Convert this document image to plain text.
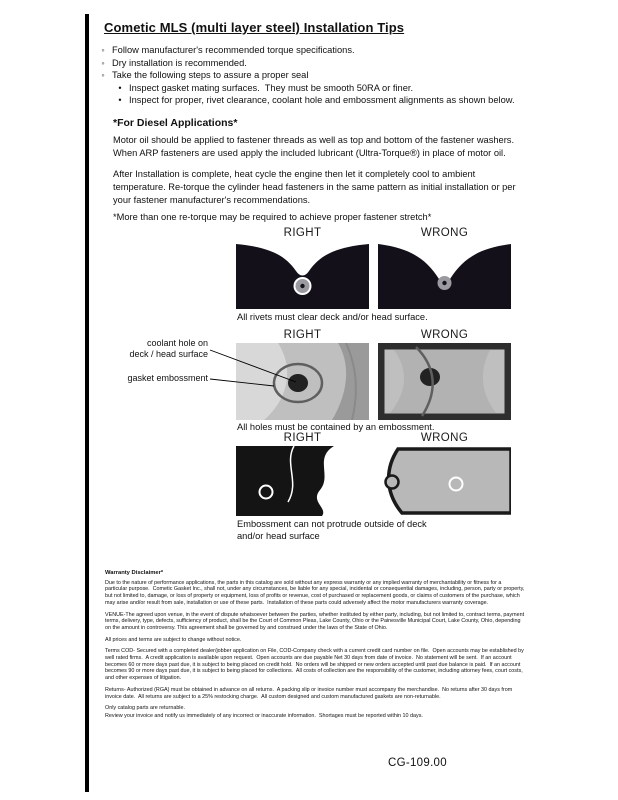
Cometic MLS (multi layer steel) Installation Tips
◦ Follow manufacturer's recommended torque specifications.
◦ Dry installation is recommended.
◦ Take the following steps to assure a proper seal
• Inspect gasket mating surfaces.  They must be smooth 50RA or finer.
• Inspect for proper, rivet clearance, coolant hole and embossment alignments as shown below.
*For Diesel Applications*
Motor oil should be applied to fastener threads as well as top and bottom of the fastener washers. When ARP fasteners are used apply the included lubricant (Ultra-Torque®) in place of motor oil.
After Installation is complete, heat cycle the engine then let it completely cool to ambient temperature. Re-torque the cylinder head fasteners in the same pattern as initial installation or per your fastener manufacturer's recommendations.
*More than one re-torque may be required to achieve proper fastener stretch*
RIGHT	WRONG
All rivets must clear deck and/or head surface.
RIGHT	WRONG
coolant hole on deck / head surface
gasket embossment
All holes must be contained by an embossment.
RIGHT	WRONG
Embossment can not protrude outside of deck and/or head surface
Warranty Disclaimer*

Due to the nature of performance applications, the parts in this catalog are sold without any express warranty or any implied warranty of merchantability or fitness for a particular purpose.  Cometic Gasket Inc., shall not, under any circumstances, be liable for any special, incidental or consequential damages, including, person, party or property, but not limited to, damage, or loss of property or equipment, loss of profits or revenue, cost of purchased or replacement goods, or claims of customers of the purchase, which may arise and/or result from sale, installation or use of these parts.  Installation of these parts could adversely affect the motor manufacturers warranty coverage.

VENUE-The agreed upon venue, in the event of dispute whatsoever between the parties, whether instituted by either party, including, but not limited to, contract terms, payment terms, delivery, type, defects, sufficiency of product, shall be the Court of Common Pleas, Lake County, Ohio or the Painesville Municipal Court, Lake County, Ohio, depending on the amount in controversy. This agreement shall be governed by and construed under the laws of the State of Ohio.

All prices and terms are subject to change without notice.

Terms COD- Secured with a completed dealer/jobber application on File, COD-Company check with a current credit card number on file.  Open accounts may be established by well rated firms.  A credit application is available upon request.  Open accounts are due payable Net 30 days from date of invoice.  No statement will be sent.  If an account becomes 60 or more days past due, it is subject to being placed on credit hold.  No orders will be shipped or new orders accepted until past due balance is paid.  If an account becomes 90 or more days past due, it is subject to being placed for collections.  All costs of collection are the responsibility of the customer, including attorney fees, court costs, and other expenses of litigation.

Returns- Authorized (RGA) must be obtained in advance on all returns.  A packing slip or invoice number must accompany the merchandise.  No returns after 30 days from invoice date.  All returns are subject to a 25% restocking charge.  All custom designed and custom manufactured gaskets are non-returnable.

Only catalog parts are returnable.

Review your invoice and notify us immediately of any incorrect or inaccurate information.  Shortages must be reported within 10 days.

CG-109.00
